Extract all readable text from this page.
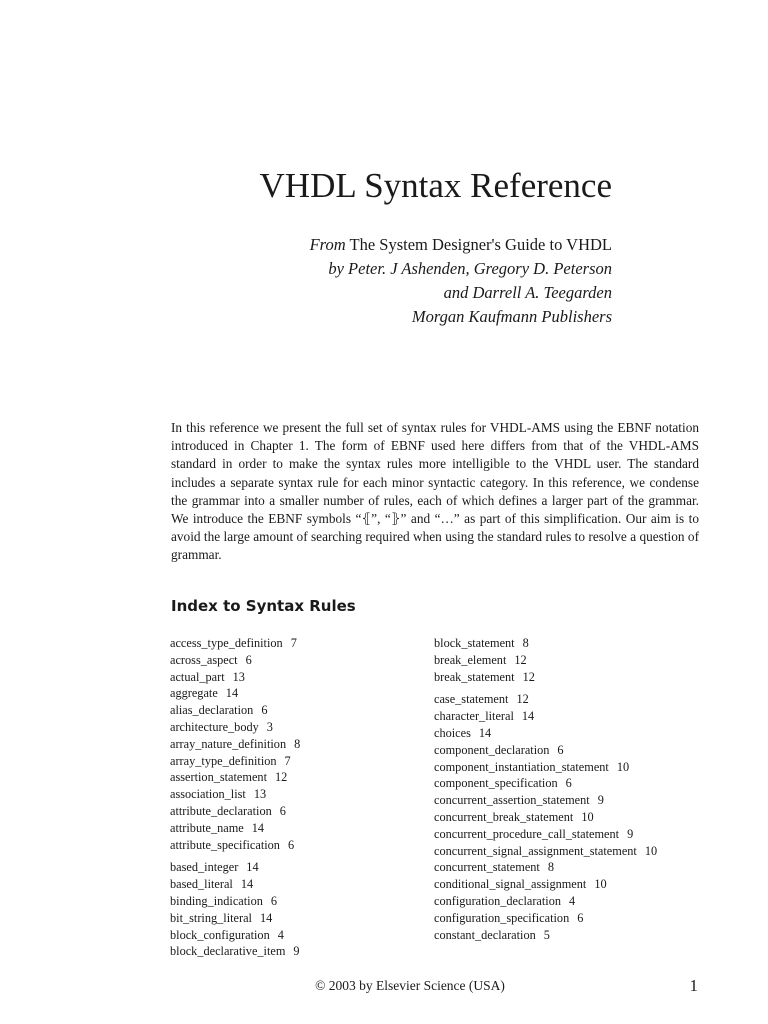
VHDL Syntax Reference
From The System Designer's Guide to VHDL
by Peter. J Ashenden, Gregory D. Peterson
and Darrell A. Teegarden
Morgan Kaufmann Publishers

In this reference we present the full set of syntax rules for VHDL-AMS using the EBNF notation introduced in Chapter 1. The form of EBNF used here differs from that of the VHDL-AMS standard in order to make the syntax rules more intelligible to the VHDL user. The standard includes a separate syntax rule for each minor syntactic category. In this reference, we condense the grammar into a smaller number of rules, each of which defines a larger part of the grammar. We introduce the EBNF symbols “⦃”, “⦄” and “…” as part of this simplification. Our aim is to avoid the large amount of searching required when using the standard rules to resolve a question of grammar.

Index to Syntax Rules
access_type_definition 7
across_aspect 6
actual_part 13
aggregate 14
alias_declaration 6
architecture_body 3
array_nature_definition 8
array_type_definition 7
assertion_statement 12
association_list 13
attribute_declaration 6
attribute_name 14
attribute_specification 6
based_integer 14
based_literal 14
binding_indication 6
bit_string_literal 14
block_configuration 4
block_declarative_item 9
block_statement 8
break_element 12
break_statement 12
case_statement 12
character_literal 14
choices 14
component_declaration 6
component_instantiation_statement 10
component_specification 6
concurrent_assertion_statement 9
concurrent_break_statement 10
concurrent_procedure_call_statement 9
concurrent_signal_assignment_statement 10
concurrent_statement 8
conditional_signal_assignment 10
configuration_declaration 4
configuration_specification 6
constant_declaration 5
© 2003 by Elsevier Science (USA)	1
